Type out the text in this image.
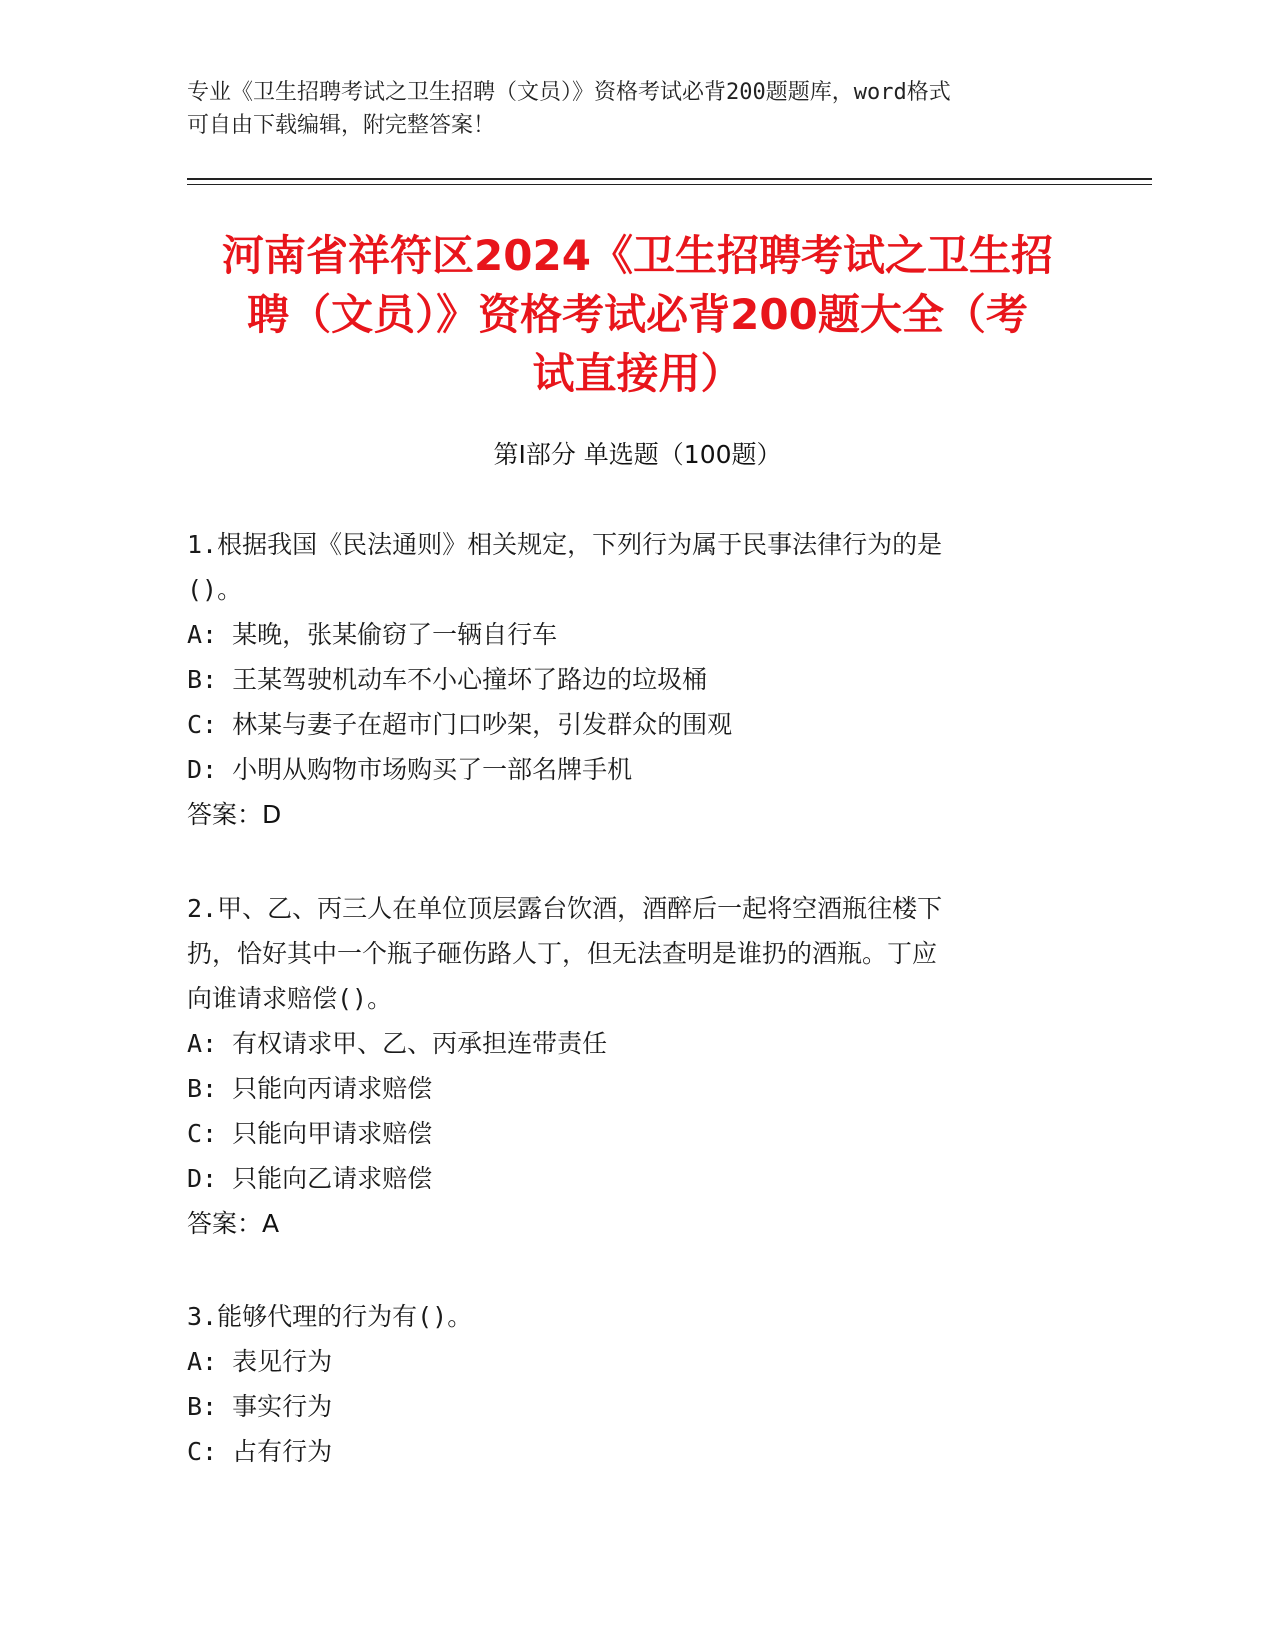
专业《卫生招聘考试之卫生招聘（文员）》资格考试必背200题题库，word格式
可自由下载编辑，附完整答案！
河南省祥符区2024《卫生招聘考试之卫生招
聘（文员）》资格考试必背200题大全（考
试直接用）
第I部分 单选题（100题）

1.根据我国《民法通则》相关规定，下列行为属于民事法律行为的是

()。

A: 某晚，张某偷窃了一辆自行车

B: 王某驾驶机动车不小心撞坏了路边的垃圾桶

C: 林某与妻子在超市门口吵架，引发群众的围观

D: 小明从购物市场购买了一部名牌手机

答案：D

2.甲、乙、丙三人在单位顶层露台饮酒，酒醉后一起将空酒瓶往楼下

扔，恰好其中一个瓶子砸伤路人丁，但无法查明是谁扔的酒瓶。丁应

向谁请求赔偿()。

A: 有权请求甲、乙、丙承担连带责任

B: 只能向丙请求赔偿

C: 只能向甲请求赔偿

D: 只能向乙请求赔偿

答案：A

3.能够代理的行为有()。

A: 表见行为

B: 事实行为

C: 占有行为
